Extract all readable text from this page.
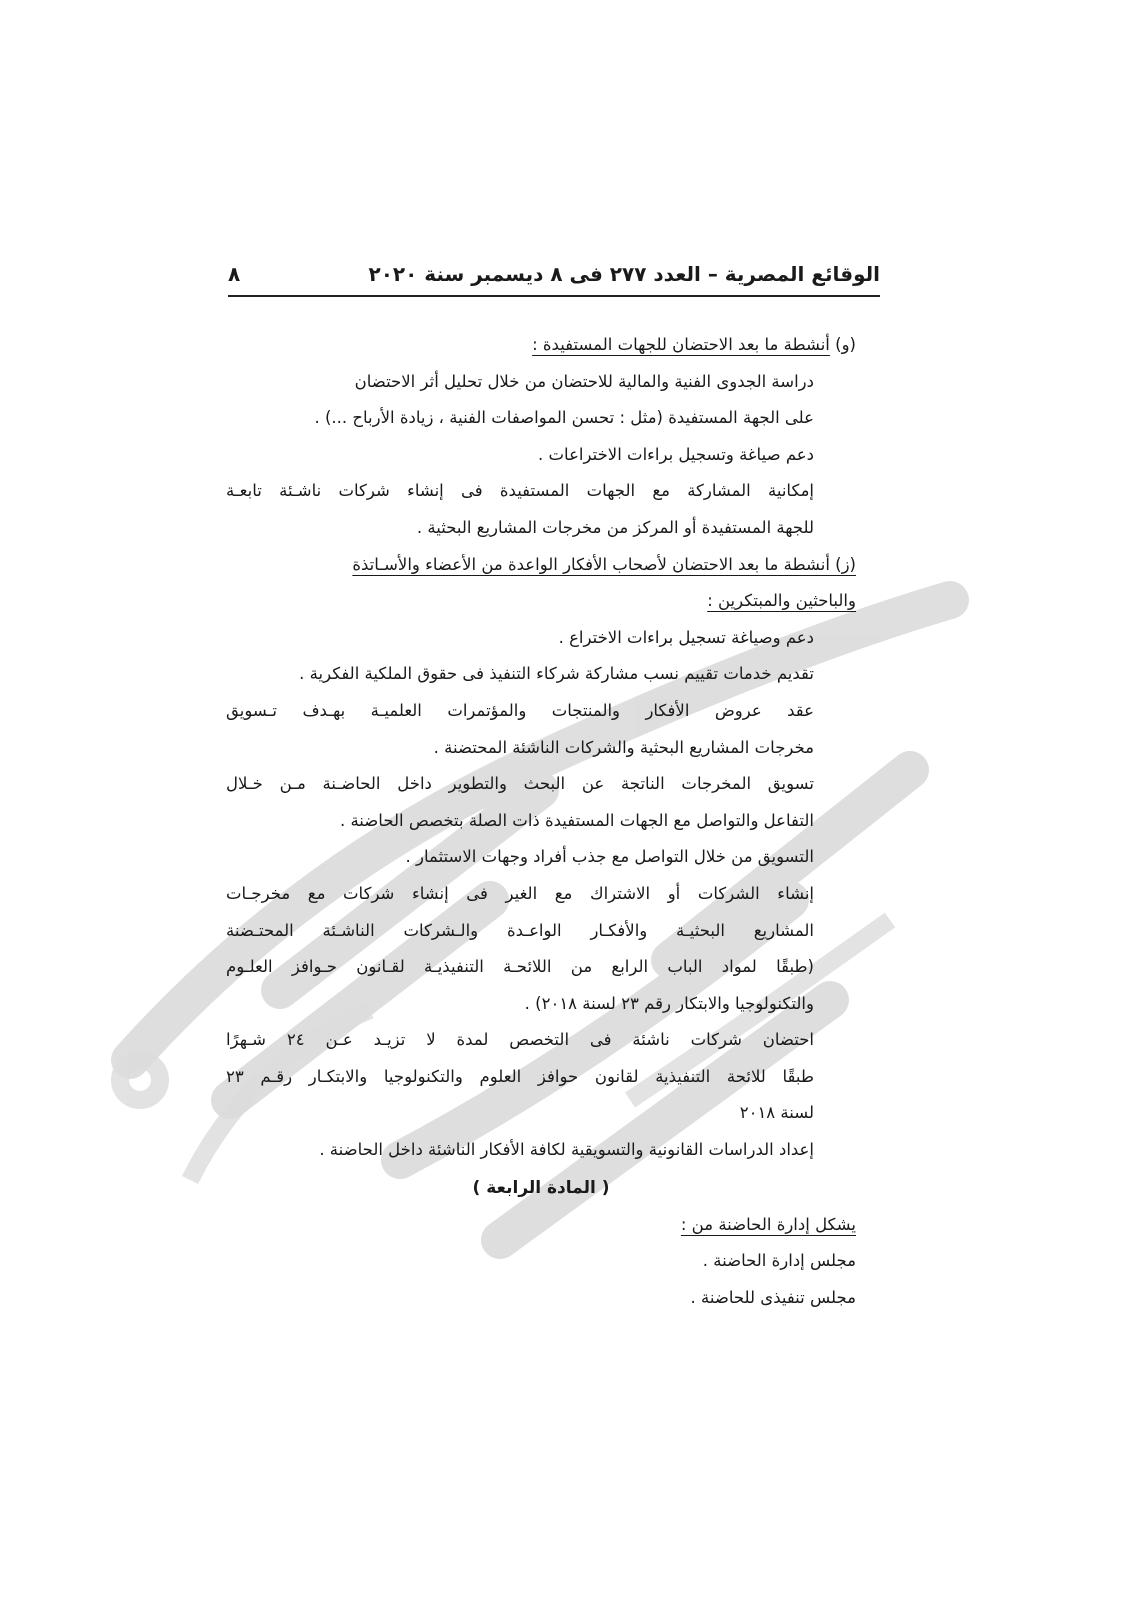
الوقائع المصرية – العدد ٢٧٧ فى ٨ ديسمبر سنة ٢٠٢٠
٨
(و) أنشطة ما بعد الاحتضان للجهات المستفيدة :
دراسة الجدوى الفنية والمالية للاحتضان من خلال تحليل أثر الاحتضان
على الجهة المستفيدة (مثل : تحسن المواصفات الفنية ، زيادة الأرباح ...) .
دعم صياغة وتسجيل براءات الاختراعات .
إمكانية المشاركة مع الجهات المستفيدة فى إنشاء شركات ناشـئة تابعـة
للجهة المستفيدة أو المركز من مخرجات المشاريع البحثية .
(ز) أنشطة ما بعد الاحتضان لأصحاب الأفكار الواعدة من الأعضاء والأسـاتذة
والباحثين والمبتكرين :
دعم وصياغة تسجيل براءات الاختراع .
تقديم خدمات تقييم نسب مشاركة شركاء التنفيذ فى حقوق الملكية الفكرية .
عقد عروض الأفكار والمنتجات والمؤتمرات العلميـة بهـدف تـسويق
مخرجات المشاريع البحثية والشركات الناشئة المحتضنة .
تسويق المخرجات الناتجة عن البحث والتطوير داخل الحاضـنة مـن خـلال
التفاعل والتواصل مع الجهات المستفيدة ذات الصلة بتخصص الحاضنة .
التسويق من خلال التواصل مع جذب أفراد وجهات الاستثمار .
إنشاء الشركات أو الاشتراك مع الغير فى إنشاء شركات مع مخرجـات
المشاريع البحثيـة والأفكـار الواعـدة والـشركات الناشـئة المحتـضنة
(طبقًا لمواد الباب الرابع من اللائحـة التنفيذيـة لقـانون حـوافز العلـوم
والتكنولوجيا والابتكار رقم ٢٣ لسنة ٢٠١٨) .
احتضان شركات ناشئة فى التخصص لمدة لا تزيـد عـن ٢٤ شـهرًا
طبقًا للائحة التنفيذية لقانون حوافز العلوم والتكنولوجيا والابتكـار رقـم ٢٣
لسنة ٢٠١٨
إعداد الدراسات القانونية والتسويقية لكافة الأفكار الناشئة داخل الحاضنة .
( المادة الرابعة )
يشكل إدارة الحاضنة من :
مجلس إدارة الحاضنة .
مجلس تنفيذى للحاضنة .
